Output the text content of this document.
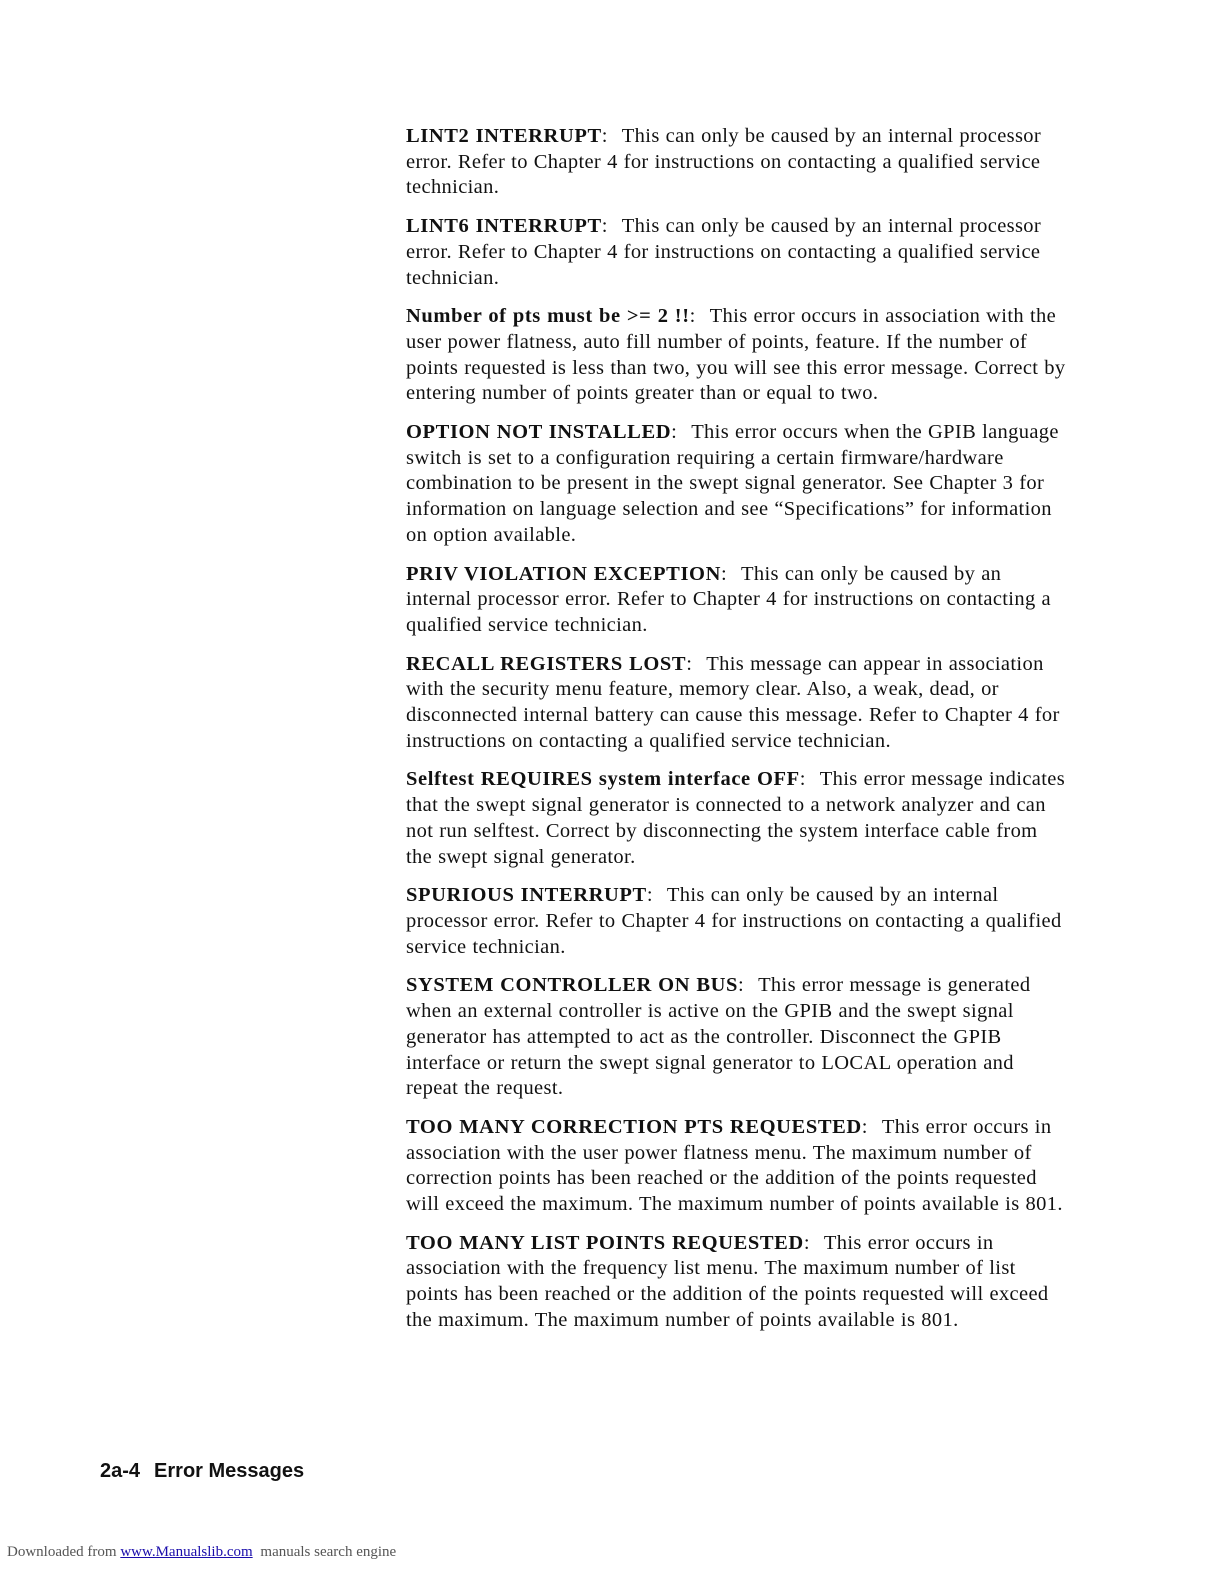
LINT2 INTERRUPT: This can only be caused by an internal processor error. Refer to Chapter 4 for instructions on contacting a qualified service technician.

LINT6 INTERRUPT: This can only be caused by an internal processor error. Refer to Chapter 4 for instructions on contacting a qualified service technician.

Number of pts must be >= 2 !!: This error occurs in association with the user power flatness, auto fill number of points, feature. If the number of points requested is less than two, you will see this error message. Correct by entering number of points greater than or equal to two.

OPTION NOT INSTALLED: This error occurs when the GPIB language switch is set to a configuration requiring a certain firmware/hardware combination to be present in the swept signal generator. See Chapter 3 for information on language selection and see “Specifications” for information on option available.

PRIV VIOLATION EXCEPTION: This can only be caused by an internal processor error. Refer to Chapter 4 for instructions on contacting a qualified service technician.

RECALL REGISTERS LOST: This message can appear in association with the security menu feature, memory clear. Also, a weak, dead, or disconnected internal battery can cause this message. Refer to Chapter 4 for instructions on contacting a qualified service technician.

Selftest REQUIRES system interface OFF: This error message indicates that the swept signal generator is connected to a network analyzer and can not run selftest. Correct by disconnecting the system interface cable from the swept signal generator.

SPURIOUS INTERRUPT: This can only be caused by an internal processor error. Refer to Chapter 4 for instructions on contacting a qualified service technician.

SYSTEM CONTROLLER ON BUS: This error message is generated when an external controller is active on the GPIB and the swept signal generator has attempted to act as the controller. Disconnect the GPIB interface or return the swept signal generator to LOCAL operation and repeat the request.

TOO MANY CORRECTION PTS REQUESTED: This error occurs in association with the user power flatness menu. The maximum number of correction points has been reached or the addition of the points requested will exceed the maximum. The maximum number of points available is 801.

TOO MANY LIST POINTS REQUESTED: This error occurs in association with the frequency list menu. The maximum number of list points has been reached or the addition of the points requested will exceed the maximum. The maximum number of points available is 801.

2a-4 Error Messages
Downloaded from www.Manualslib.com manuals search engine
